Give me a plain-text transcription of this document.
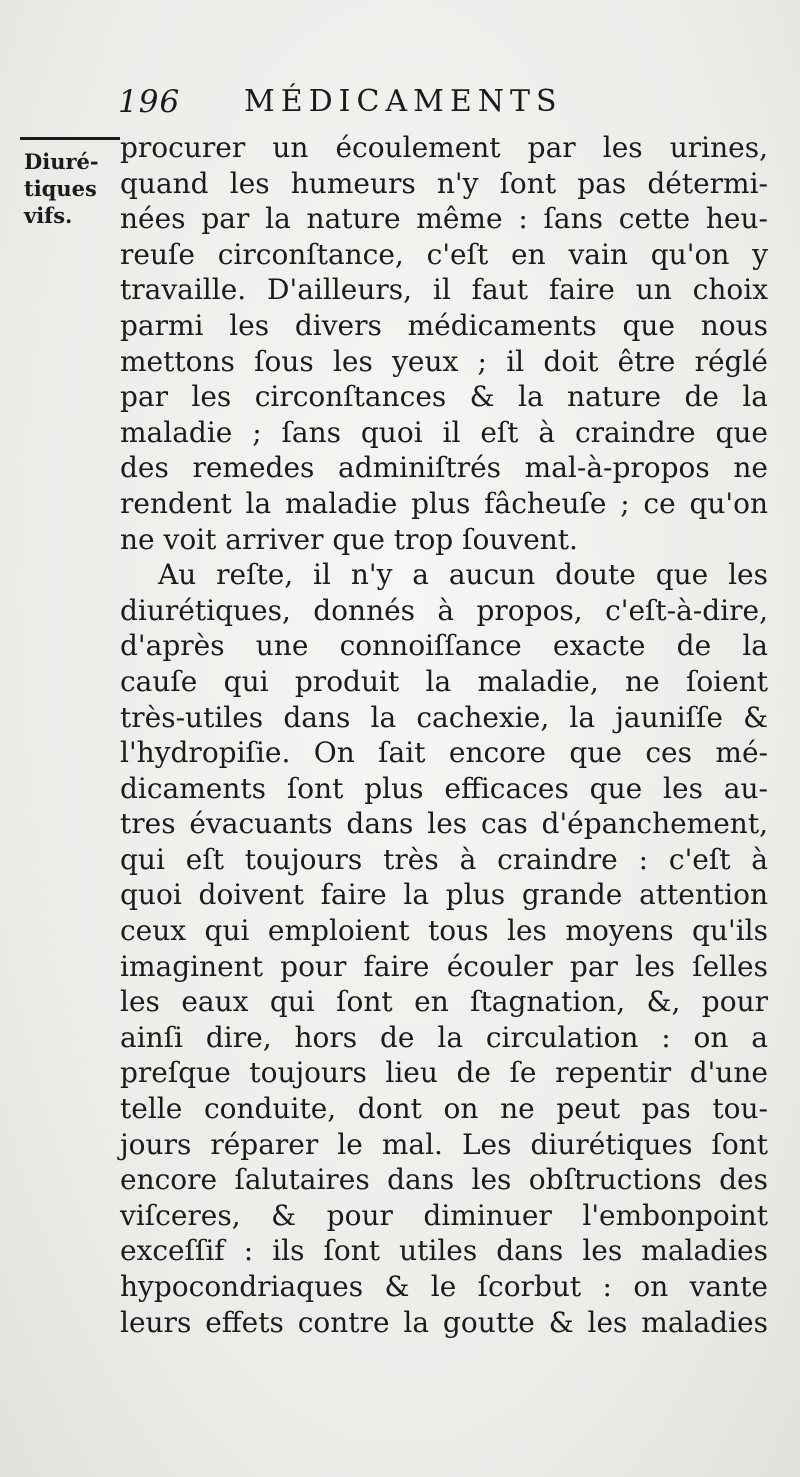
196 MÉDICAMENTS
Diuré-
tiques
vifs.
procurer un écoulement par les urines,
quand les humeurs n'y ſont pas détermi-
nées par la nature même : ſans cette heu-
reuſe circonſtance, c'eſt en vain qu'on y
travaille. D'ailleurs, il faut faire un choix
parmi les divers médicaments que nous
mettons ſous les yeux ; il doit être réglé
par les circonſtances & la nature de la
maladie ; ſans quoi il eſt à craindre que
des remedes adminiſtrés mal-à-propos ne
rendent la maladie plus fâcheuſe ; ce qu'on
ne voit arriver que trop ſouvent.
Au reſte, il n'y a aucun doute que les
diurétiques, donnés à propos, c'eſt-à-dire,
d'après une connoiſſance exacte de la
cauſe qui produit la maladie, ne ſoient
très-utiles dans la cachexie, la jauniſſe &
l'hydropiſie. On ſait encore que ces mé-
dicaments ſont plus efficaces que les au-
tres évacuants dans les cas d'épanchement,
qui eſt toujours très à craindre : c'eſt à
quoi doivent faire la plus grande attention
ceux qui emploient tous les moyens qu'ils
imaginent pour faire écouler par les ſelles
les eaux qui ſont en ſtagnation, &, pour
ainſi dire, hors de la circulation : on a
preſque toujours lieu de ſe repentir d'une
telle conduite, dont on ne peut pas tou-
jours réparer le mal. Les diurétiques ſont
encore ſalutaires dans les obſtructions des
viſceres, & pour diminuer l'embonpoint
exceſſif : ils ſont utiles dans les maladies
hypocondriaques & le ſcorbut : on vante
leurs effets contre la goutte & les maladies
